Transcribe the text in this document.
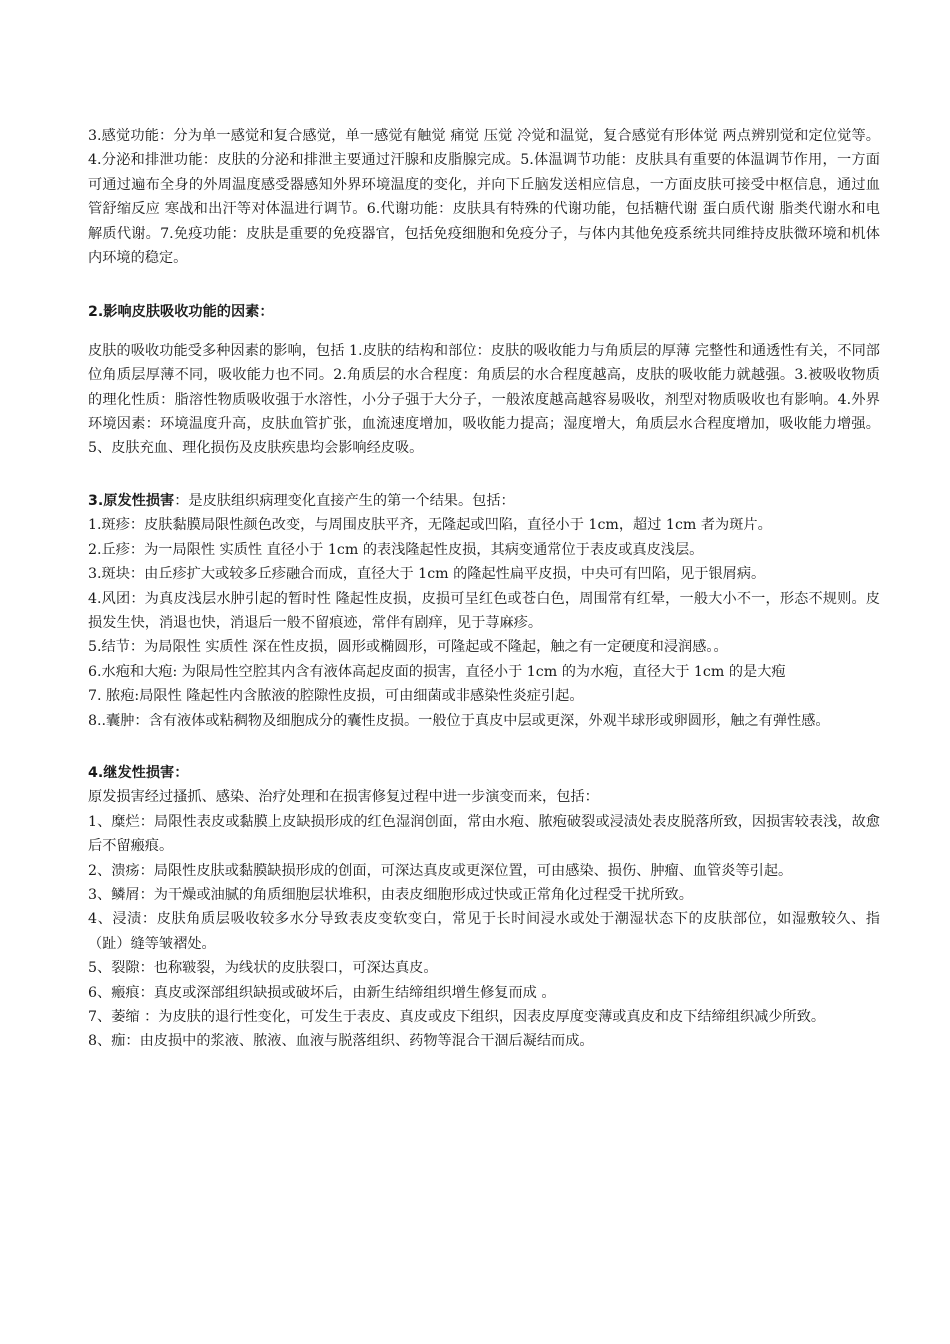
3.感觉功能：分为单一感觉和复合感觉，单一感觉有触觉 痛觉 压觉 冷觉和温觉，复合感觉有形体觉 两点辨别觉和定位觉等。4.分泌和排泄功能：皮肤的分泌和排泄主要通过汗腺和皮脂腺完成。5.体温调节功能：皮肤具有重要的体温调节作用，一方面可通过遍布全身的外周温度感受器感知外界环境温度的变化，并向下丘脑发送相应信息，一方面皮肤可接受中枢信息，通过血管舒缩反应 寒战和出汗等对体温进行调节。6.代谢功能：皮肤具有特殊的代谢功能，包括糖代谢 蛋白质代谢 脂类代谢水和电解质代谢。7.免疫功能：皮肤是重要的免疫器官，包括免疫细胞和免疫分子，与体内其他免疫系统共同维持皮肤微环境和机体内环境的稳定。

2.影响皮肤吸收功能的因素：

皮肤的吸收功能受多种因素的影响，包括 1.皮肤的结构和部位：皮肤的吸收能力与角质层的厚薄 完整性和通透性有关，不同部位角质层厚薄不同，吸收能力也不同。2.角质层的水合程度：角质层的水合程度越高，皮肤的吸收能力就越强。3.被吸收物质的理化性质：脂溶性物质吸收强于水溶性，小分子强于大分子，一般浓度越高越容易吸收，剂型对物质吸收也有影响。4.外界环境因素：环境温度升高，皮肤血管扩张，血流速度增加，吸收能力提高；湿度增大，角质层水合程度增加，吸收能力增强。5、皮肤充血、理化损伤及皮肤疾患均会影响经皮吸。

3.原发性损害：是皮肤组织病理变化直接产生的第一个结果。包括：

1.斑疹：皮肤黏膜局限性颜色改变，与周围皮肤平齐，无隆起或凹陷，直径小于 1cm，超过 1cm 者为斑片。

2.丘疹：为一局限性 实质性 直径小于 1cm 的表浅隆起性皮损，其病变通常位于表皮或真皮浅层。

3.斑块：由丘疹扩大或较多丘疹融合而成，直径大于 1cm 的隆起性扁平皮损，中央可有凹陷，见于银屑病。

4.风团：为真皮浅层水肿引起的暂时性 隆起性皮损，皮损可呈红色或苍白色，周围常有红晕，一般大小不一，形态不规则。皮损发生快，消退也快，消退后一般不留痕迹，常伴有剧痒，见于荨麻疹。

5.结节：为局限性 实质性 深在性皮损，圆形或椭圆形，可隆起或不隆起，触之有一定硬度和浸润感。。

6.水疱和大疱: 为限局性空腔其内含有液体高起皮面的损害，直径小于 1cm 的为水疱，直径大于 1cm 的是大疱

7. 脓疱:局限性 隆起性内含脓液的腔隙性皮损，可由细菌或非感染性炎症引起。

8..囊肿：含有液体或粘稠物及细胞成分的囊性皮损。一般位于真皮中层或更深，外观半球形或卵圆形，触之有弹性感。

4.继发性损害：

原发损害经过搔抓、感染、治疗处理和在损害修复过程中进一步演变而来，包括：

1、糜烂：局限性表皮或黏膜上皮缺损形成的红色湿润创面，常由水疱、脓疱破裂或浸渍处表皮脱落所致，因损害较表浅，故愈后不留瘢痕。

2、溃疡：局限性皮肤或黏膜缺损形成的创面，可深达真皮或更深位置，可由感染、损伤、肿瘤、血管炎等引起。

3、鳞屑：为干燥或油腻的角质细胞层状堆积，由表皮细胞形成过快或正常角化过程受干扰所致。

4、浸渍：皮肤角质层吸收较多水分导致表皮变软变白，常见于长时间浸水或处于潮湿状态下的皮肤部位，如湿敷较久、指（趾）缝等皱褶处。

5、裂隙：也称皲裂，为线状的皮肤裂口，可深达真皮。

6、瘢痕：真皮或深部组织缺损或破坏后，由新生结缔组织增生修复而成 。

7、萎缩 ：为皮肤的退行性变化，可发生于表皮、真皮或皮下组织，因表皮厚度变薄或真皮和皮下结缔组织减少所致。

8、痂：由皮损中的浆液、脓液、血液与脱落组织、药物等混合干涸后凝结而成。
